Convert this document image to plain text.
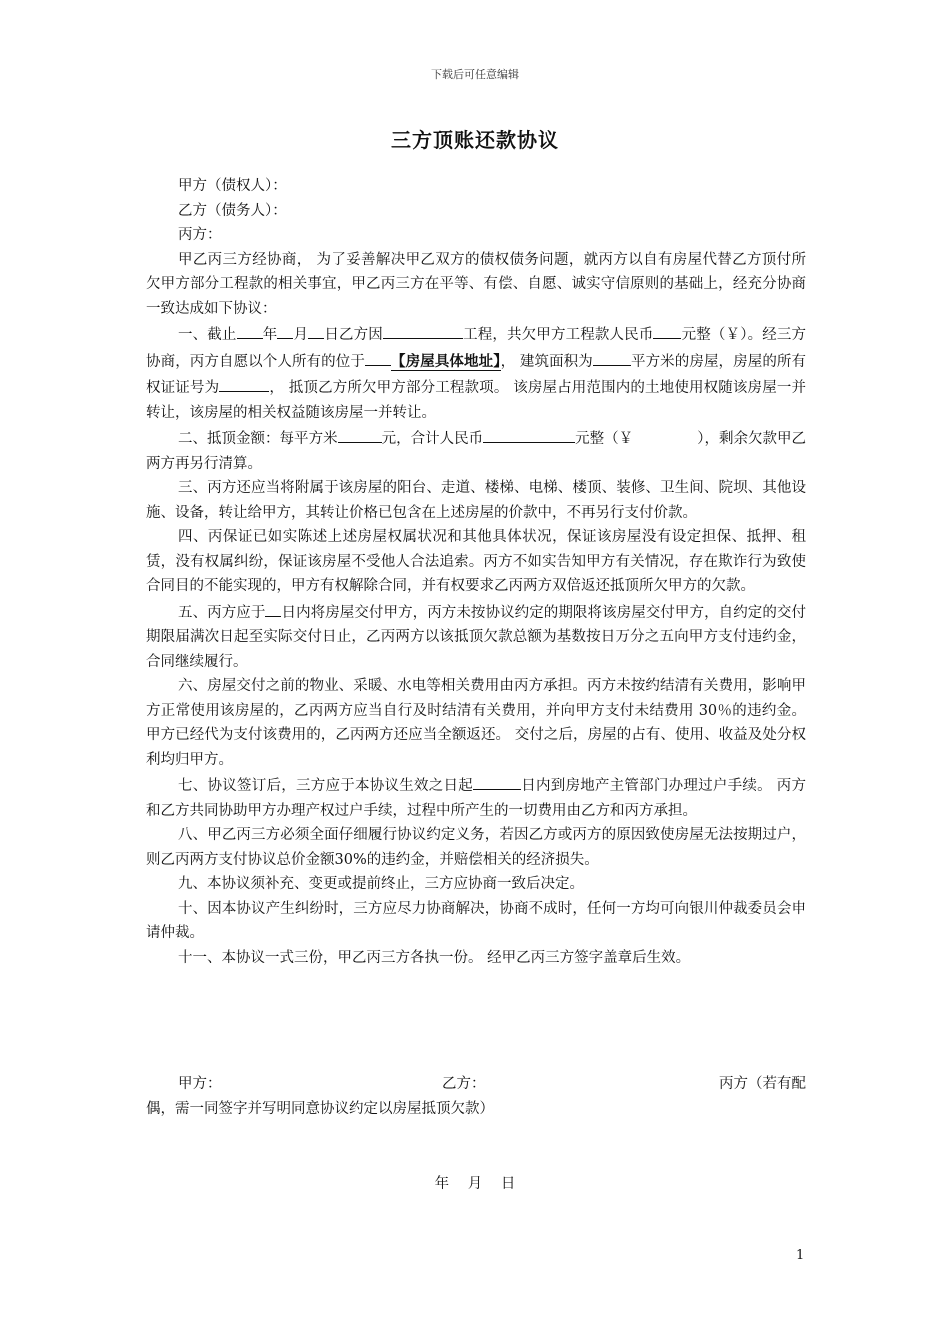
下载后可任意编辑
三方顶账还款协议

甲方（债权人）：

乙方（债务人）：

丙方：

甲乙丙三方经协商， 为了妥善解决甲乙双方的债权债务问题，就丙方以自有房屋代替乙方顶付所欠甲方部分工程款的相关事宜，甲乙丙三方在平等、有偿、自愿、诚实守信原则的基础上，经充分协商一致达成如下协议：

一、截止 年 月 日乙方因	工程，共欠甲方工程款人民币 元整（￥）。经三方协商，丙方自愿以个人所有的位于 【房屋具体地址】， 建筑面积为	平方米的房屋，房屋的所有权证证号为	， 抵顶乙方所欠甲方部分工程款项。 该房屋占用范围内的土地使用权随该房屋一并转让，该房屋的相关权益随该房屋一并转让。

二、抵顶金额：每平方米	元，合计人民币	元整（￥	），剩余欠款甲乙两方再另行清算。

三、丙方还应当将附属于该房屋的阳台、走道、楼梯、电梯、楼顶、装修、卫生间、院坝、其他设施、设备，转让给甲方，其转让价格已包含在上述房屋的价款中，不再另行支付价款。

四、丙保证已如实陈述上述房屋权属状况和其他具体状况，保证该房屋没有设定担保、抵押、租赁，没有权属纠纷，保证该房屋不受他人合法追索。丙方不如实告知甲方有关情况，存在欺诈行为致使合同目的不能实现的，甲方有权解除合同，并有权要求乙丙两方双倍返还抵顶所欠甲方的欠款。

五、丙方应于 日内将房屋交付甲方，丙方未按协议约定的期限将该房屋交付甲方，自约定的交付期限届满次日起至实际交付日止，乙丙两方以该抵顶欠款总额为基数按日万分之五向甲方支付违约金，合同继续履行。

六、房屋交付之前的物业、采暖、水电等相关费用由丙方承担。丙方未按约结清有关费用，影响甲方正常使用该房屋的，乙丙两方应当自行及时结清有关费用，并向甲方支付未结费用 30％的违约金。甲方已经代为支付该费用的，乙丙两方还应当全额返还。 交付之后，房屋的占有、使用、收益及处分权利均归甲方。

七、协议签订后，三方应于本协议生效之日起	日内到房地产主管部门办理过户手续。 丙方和乙方共同协助甲方办理产权过户手续，过程中所产生的一切费用由乙方和丙方承担。

八、甲乙丙三方必须全面仔细履行协议约定义务，若因乙方或丙方的原因致使房屋无法按期过户，则乙丙两方支付协议总价金额30%的违约金，并赔偿相关的经济损失。

九、本协议须补充、变更或提前终止，三方应协商一致后决定。

十、因本协议产生纠纷时，三方应尽力协商解决，协商不成时，任何一方均可向银川仲裁委员会申请仲裁。

十一、本协议一式三份，甲乙丙三方各执一份。 经甲乙丙三方签字盖章后生效。

甲方：	乙方：	丙方（若有配
偶，需一同签字并写明同意协议约定以房屋抵顶欠款）
年 月 日
1
